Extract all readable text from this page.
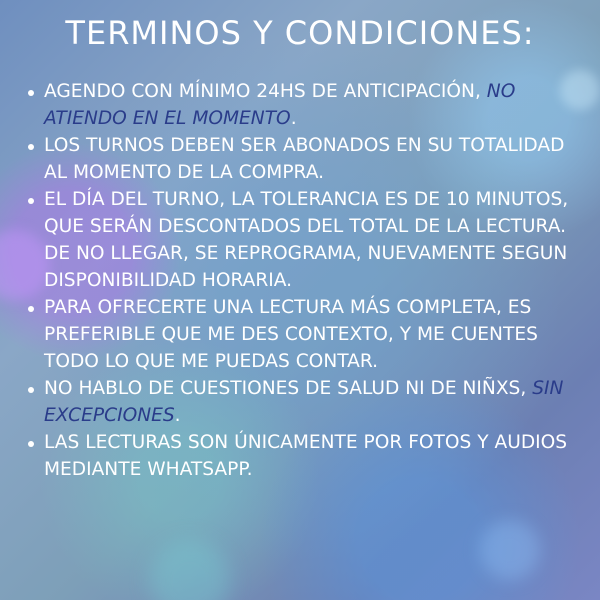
TERMINOS Y CONDICIONES:
AGENDO CON MÍNIMO 24HS DE ANTICIPACIÓN, NO ATIENDO EN EL MOMENTO.
LOS TURNOS DEBEN SER ABONADOS EN SU TOTALIDAD AL MOMENTO DE LA COMPRA.
EL DÍA DEL TURNO, LA TOLERANCIA ES DE 10 MINUTOS, QUE SERÁN DESCONTADOS DEL TOTAL DE LA LECTURA. DE NO LLEGAR, SE REPROGRAMA, NUEVAMENTE SEGUN DISPONIBILIDAD HORARIA.
PARA OFRECERTE UNA LECTURA MÁS COMPLETA, ES PREFERIBLE QUE ME DES CONTEXTO, Y ME CUENTES TODO LO QUE ME PUEDAS CONTAR.
NO HABLO DE CUESTIONES DE SALUD NI DE NIÑXS, SIN EXCEPCIONES.
LAS LECTURAS SON ÚNICAMENTE POR FOTOS Y AUDIOS MEDIANTE WHATSAPP.
